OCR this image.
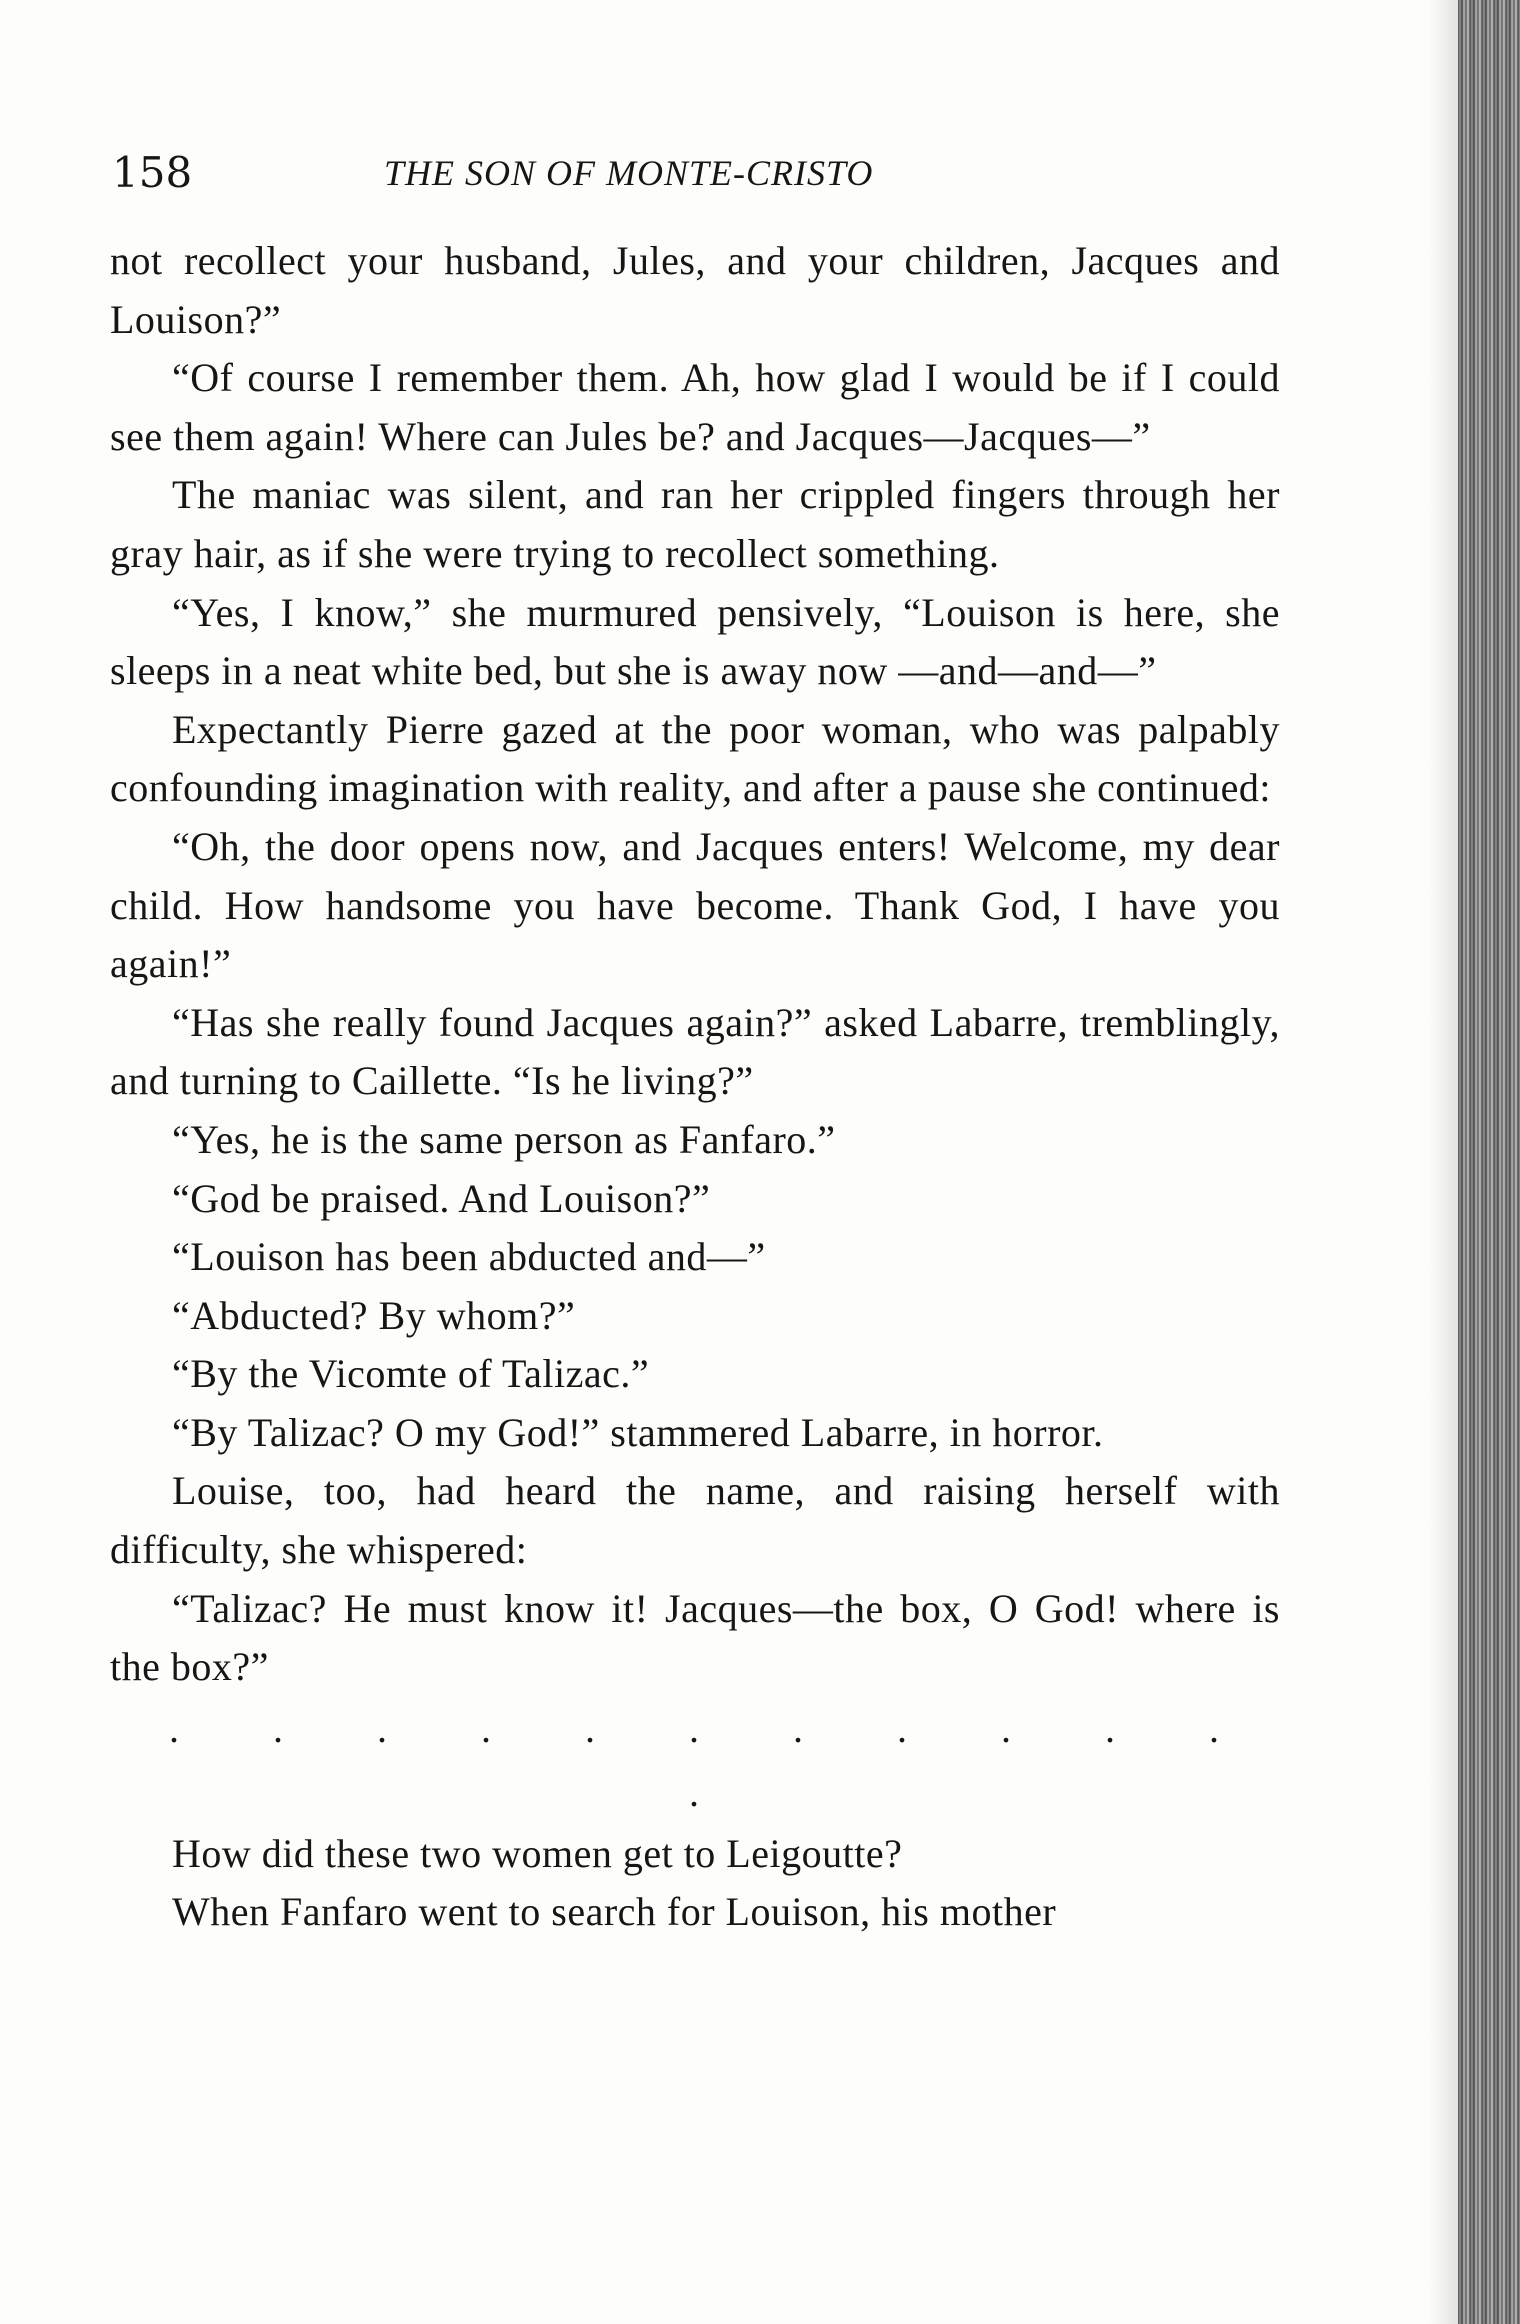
158	THE SON OF MONTE-CRISTO

not recollect your husband, Jules, and your children, Jacques and Louison?”

“Of course I remember them. Ah, how glad I would be if I could see them again! Where can Jules be? and Jacques—Jacques—”

The maniac was silent, and ran her crippled fingers through her gray hair, as if she were trying to recollect something.

“Yes, I know,” she murmured pensively, “Louison is here, she sleeps in a neat white bed, but she is away now —and—and—”

Expectantly Pierre gazed at the poor woman, who was palpably confounding imagination with reality, and after a pause she continued:

“Oh, the door opens now, and Jacques enters! Welcome, my dear child. How handsome you have become. Thank God, I have you again!”

“Has she really found Jacques again?” asked Labarre, tremblingly, and turning to Caillette. “Is he living?”

“Yes, he is the same person as Fanfaro.”

“God be praised. And Louison?”

“Louison has been abducted and—”

“Abducted? By whom?”

“By the Vicomte of Talizac.”

“By Talizac? O my God!” stammered Labarre, in horror.

Louise, too, had heard the name, and raising herself with difficulty, she whispered:

“Talizac? He must know it! Jacques—the box, O God! where is the box?”

. . . . . . . . . . . .

How did these two women get to Leigoutte?

When Fanfaro went to search for Louison, his mother
